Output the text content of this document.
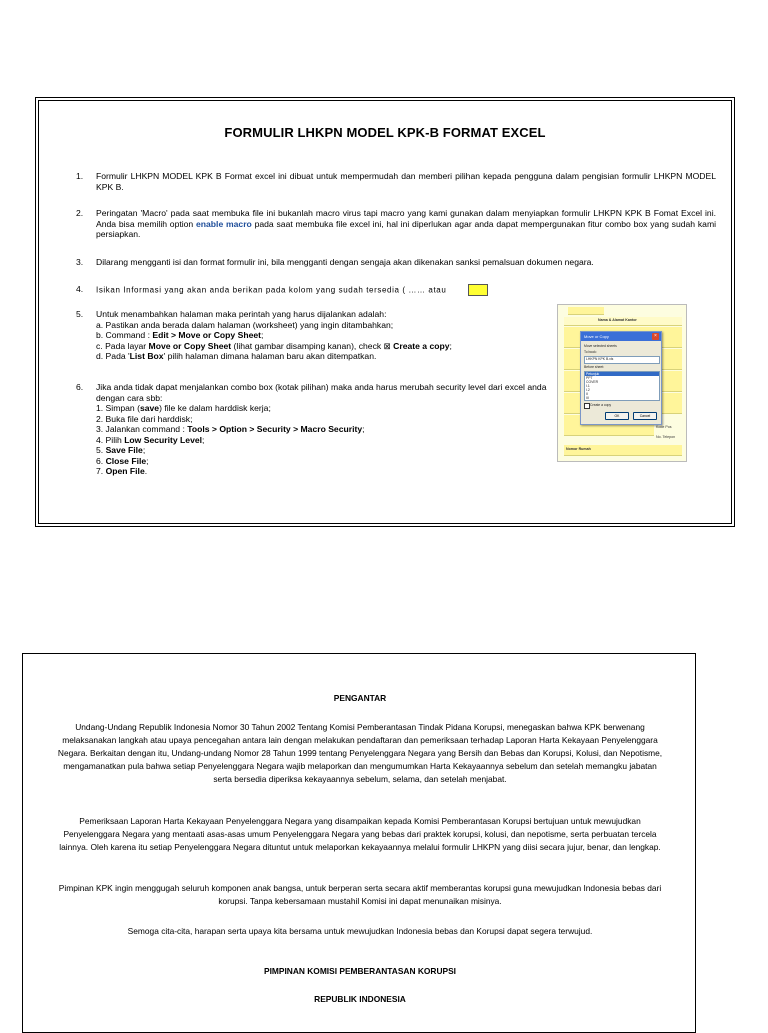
FORMULIR LHKPN MODEL KPK-B FORMAT EXCEL
1. Formulir LHKPN MODEL KPK B Format excel ini dibuat untuk mempermudah dan memberi pilihan kepada pengguna dalam pengisian formulir LHKPN MODEL KPK B.
2. Peringatan 'Macro' pada saat membuka file ini bukanlah macro virus tapi macro yang kami gunakan dalam menyiapkan formulir LHKPN KPK B Fomat Excel ini. Anda bisa memilih option enable macro pada saat membuka file excel ini, hal ini diperlukan agar anda dapat mempergunakan fitur combo box yang sudah kami persiapkan.
3. Dilarang mengganti isi dan format formulir ini, bila mengganti dengan sengaja akan dikenakan sanksi pemalsuan dokumen negara.
4. Isikan Informasi yang akan anda berikan pada kolom yang sudah tersedia ( …… atau
5. Untuk menambahkan halaman maka perintah yang harus dijalankan adalah:
a. Pastikan anda berada dalam halaman (worksheet) yang ingin ditambahkan;
b. Command : Edit > Move or Copy Sheet;
c. Pada layar Move or Copy Sheet (lihat gambar disamping kanan), check ⊠ Create a copy;
d. Pada 'List Box' pilih halaman dimana halaman baru akan ditempatkan.
6. Jika anda tidak dapat menjalankan combo box (kotak pilihan) maka anda harus merubah security level dari excel anda dengan cara sbb:
1. Simpan (save) file ke dalam harddisk kerja;
2. Buka file dari harddisk;
3. Jalankan command : Tools > Option > Security > Macro Security;
4. Pilih Low Security Level;
5. Save File;
6. Close File;
7. Open File.
Nama & Alamat Kantor
Kode Pos
No. Telepon
Nomor Rumah
Move or Copy	×
Move selected sheets
To book:
LHKPN KPK B.xls
Before sheet:
Petunjuk
PPT
COVER
I.1
I.2
II
III
Create a copy
OK	Cancel
PENGANTAR
Undang-Undang Republik Indonesia Nomor 30 Tahun 2002 Tentang Komisi Pemberantasan Tindak Pidana Korupsi, menegaskan bahwa KPK berwenang melaksanakan langkah atau upaya pencegahan antara lain dengan melakukan pendaftaran dan pemeriksaan terhadap Laporan Harta Kekayaan Penyelenggara Negara. Berkaitan dengan itu, Undang-undang Nomor 28 Tahun 1999 tentang Penyelenggara Negara yang Bersih dan Bebas dan Korupsi, Kolusi, dan Nepotisme, mengamanatkan pula bahwa setiap Penyelenggara Negara wajib melaporkan dan mengumumkan Harta Kekayaannya sebelum dan setelah memangku jabatan serta bersedia diperiksa kekayaannya sebelum, selama, dan setelah menjabat.
Pemeriksaan Laporan Harta Kekayaan Penyelenggara Negara yang disampaikan kepada Komisi Pemberantasan Korupsi bertujuan untuk mewujudkan Penyelenggara Negara yang mentaati asas-asas umum Penyelenggara Negara yang bebas dari praktek korupsi, kolusi, dan nepotisme, serta perbuatan tercela lainnya. Oleh karena itu setiap Penyelenggara Negara dituntut untuk melaporkan kekayaannya melalui formulir LHKPN yang diisi secara jujur, benar, dan lengkap.
Pimpinan KPK ingin menggugah seluruh komponen anak bangsa, untuk berperan serta secara aktif memberantas korupsi guna mewujudkan Indonesia bebas dari korupsi. Tanpa kebersamaan mustahil Komisi ini dapat menunaikan misinya.
Semoga cita-cita, harapan serta upaya kita bersama untuk mewujudkan Indonesia bebas dan Korupsi dapat segera terwujud.
PIMPINAN KOMISI PEMBERANTASAN KORUPSI
REPUBLIK INDONESIA
